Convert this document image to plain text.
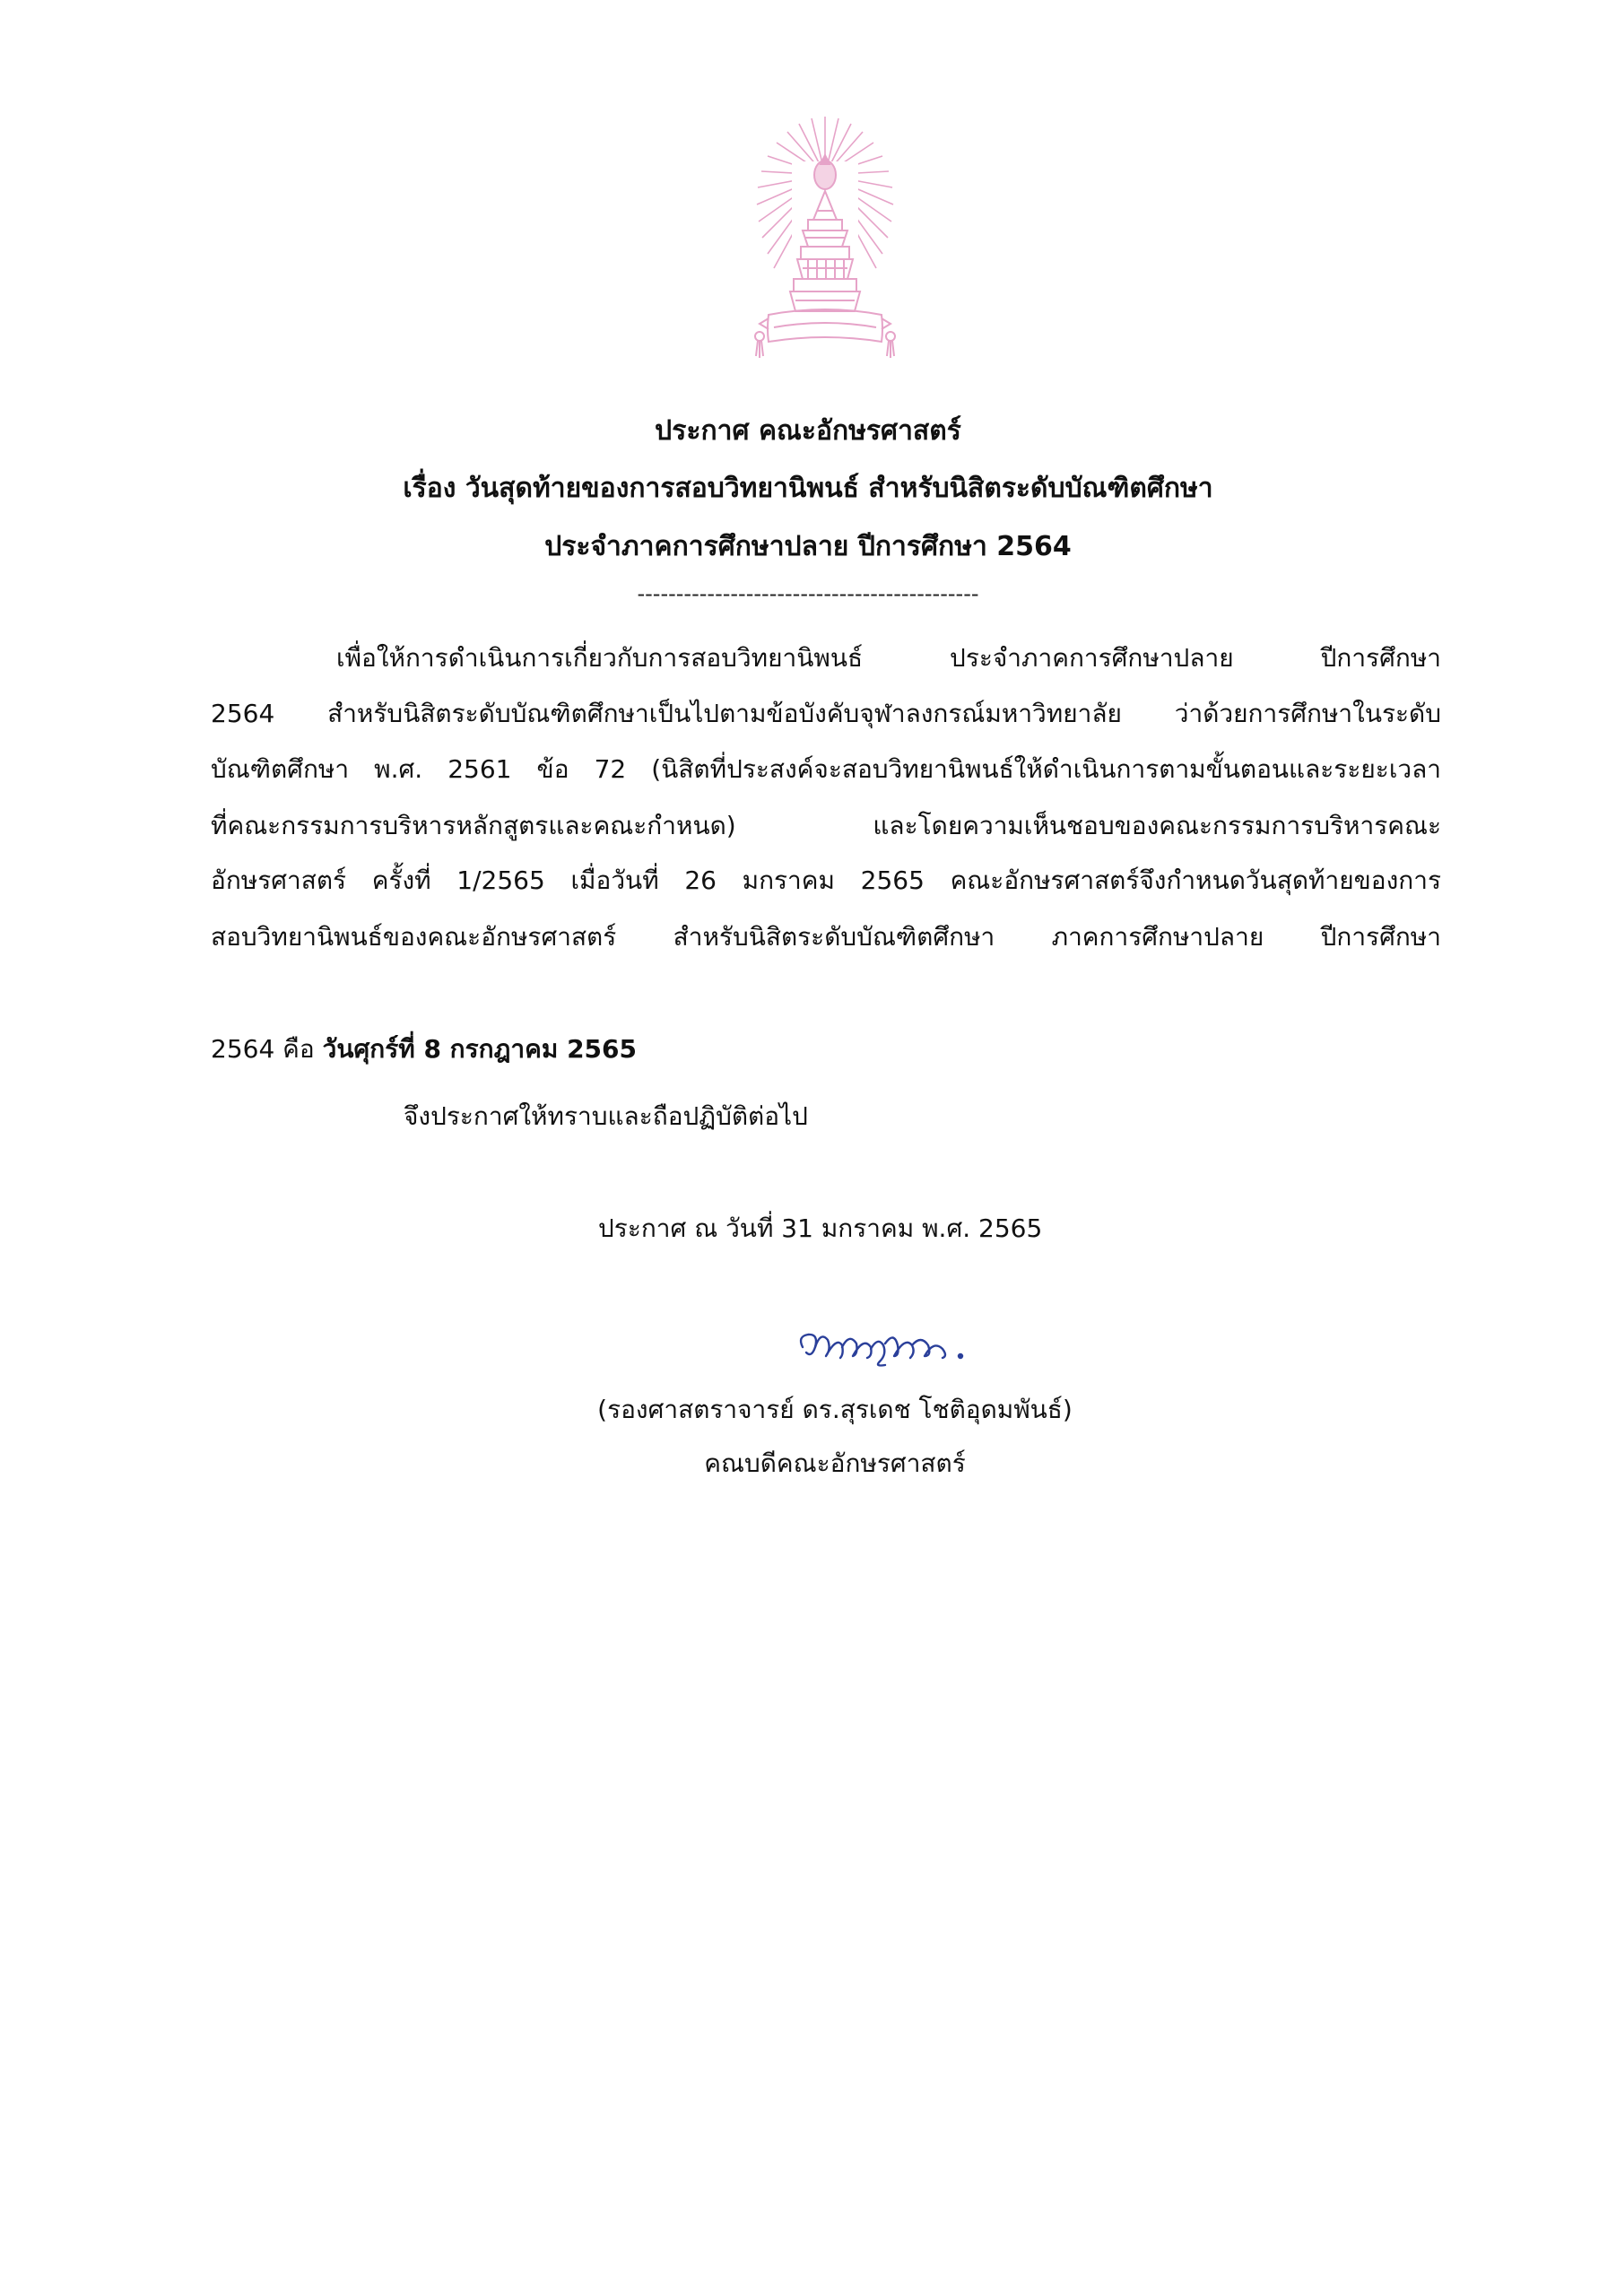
ประกาศ คณะอักษรศาสตร์
เรื่อง วันสุดท้ายของการสอบวิทยานิพนธ์ สำหรับนิสิตระดับบัณฑิตศึกษา
ประจำภาคการศึกษาปลาย ปีการศึกษา 2564
--------------------------------------------
เพื่อให้การดำเนินการเกี่ยวกับการสอบวิทยานิพนธ์ ประจำภาคการศึกษาปลาย ปีการศึกษา
2564 สำหรับนิสิตระดับบัณฑิตศึกษาเป็นไปตามข้อบังคับจุฬาลงกรณ์มหาวิทยาลัย ว่าด้วยการศึกษาในระดับ
บัณฑิตศึกษา พ.ศ. 2561 ข้อ 72 (นิสิตที่ประสงค์จะสอบวิทยานิพนธ์ให้ดำเนินการตามขั้นตอนและระยะเวลา
ที่คณะกรรมการบริหารหลักสูตรและคณะกำหนด) และโดยความเห็นชอบของคณะกรรมการบริหารคณะ
อักษรศาสตร์ ครั้งที่ 1/2565 เมื่อวันที่ 26 มกราคม 2565 คณะอักษรศาสตร์จึงกำหนดวันสุดท้ายของการ
สอบวิทยานิพนธ์ของคณะอักษรศาสตร์ สำหรับนิสิตระดับบัณฑิตศึกษา ภาคการศึกษาปลาย ปีการศึกษา
2564 คือ วันศุกร์ที่ 8 กรกฎาคม 2565
จึงประกาศให้ทราบและถือปฏิบัติต่อไป
ประกาศ ณ วันที่ 31 มกราคม พ.ศ. 2565
(รองศาสตราจารย์ ดร.สุรเดช โชติอุดมพันธ์)
คณบดีคณะอักษรศาสตร์
